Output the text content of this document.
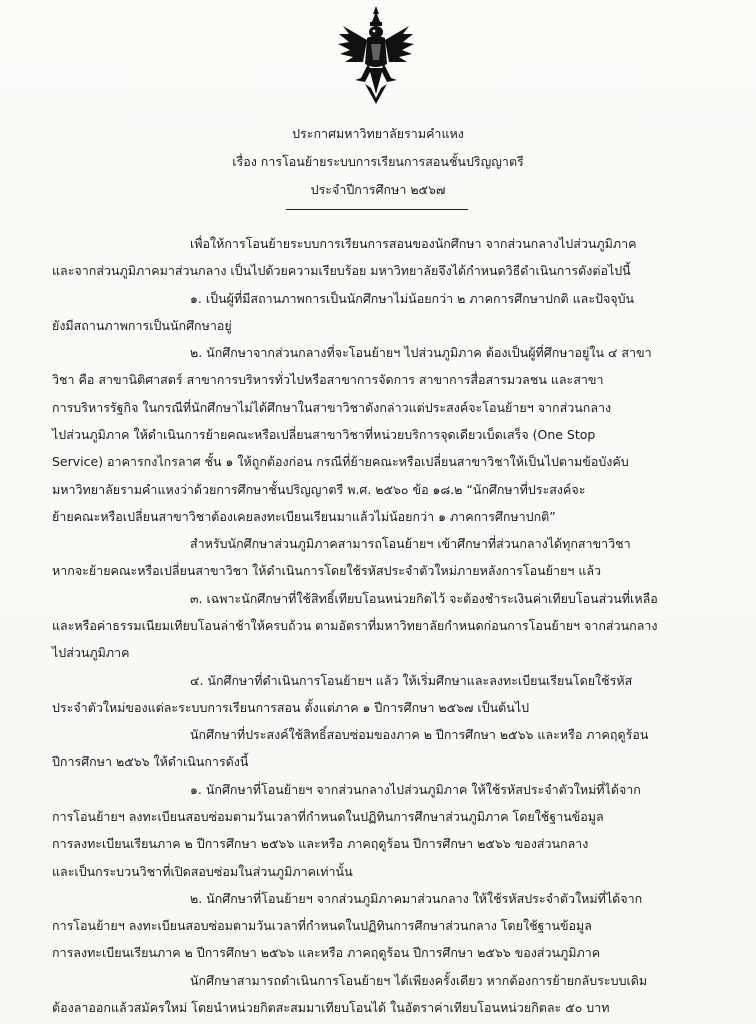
ประกาศมหาวิทยาลัยรามคำแหง
เรื่อง การโอนย้ายระบบการเรียนการสอนชั้นปริญญาตรี
ประจำปีการศึกษา ๒๕๖๗
เพื่อให้การโอนย้ายระบบการเรียนการสอนของนักศึกษา จากส่วนกลางไปส่วนภูมิภาค
และจากส่วนภูมิภาคมาส่วนกลาง เป็นไปด้วยความเรียบร้อย มหาวิทยาลัยจึงได้กำหนดวิธีดำเนินการดังต่อไปนี้
๑. เป็นผู้ที่มีสถานภาพการเป็นนักศึกษาไม่น้อยกว่า ๒ ภาคการศึกษาปกติ และปัจจุบัน
ยังมีสถานภาพการเป็นนักศึกษาอยู่
๒. นักศึกษาจากส่วนกลางที่จะโอนย้ายฯ ไปส่วนภูมิภาค ต้องเป็นผู้ที่ศึกษาอยู่ใน ๔ สาขา
วิชา คือ สาขานิติศาสตร์ สาขาการบริหารทั่วไปหรือสาขาการจัดการ สาขาการสื่อสารมวลชน และสาขา
การบริหารรัฐกิจ ในกรณีที่นักศึกษาไม่ได้ศึกษาในสาขาวิชาดังกล่าวแต่ประสงค์จะโอนย้ายฯ จากส่วนกลาง
ไปส่วนภูมิภาค ให้ดำเนินการย้ายคณะหรือเปลี่ยนสาขาวิชาที่หน่วยบริการจุดเดียวเบ็ดเสร็จ (One Stop
Service) อาคารกงไกรลาศ ชั้น ๑ ให้ถูกต้องก่อน กรณีที่ย้ายคณะหรือเปลี่ยนสาขาวิชาให้เป็นไปตามข้อบังคับ
มหาวิทยาลัยรามคำแหงว่าด้วยการศึกษาชั้นปริญญาตรี พ.ศ. ๒๕๖๐ ข้อ ๑๘.๒ “นักศึกษาที่ประสงค์จะ
ย้ายคณะหรือเปลี่ยนสาขาวิชาต้องเคยลงทะเบียนเรียนมาแล้วไม่น้อยกว่า ๑ ภาคการศึกษาปกติ”
สำหรับนักศึกษาส่วนภูมิภาคสามารถโอนย้ายฯ เข้าศึกษาที่ส่วนกลางได้ทุกสาขาวิชา
หากจะย้ายคณะหรือเปลี่ยนสาขาวิชา ให้ดำเนินการโดยใช้รหัสประจำตัวใหม่ภายหลังการโอนย้ายฯ แล้ว
๓. เฉพาะนักศึกษาที่ใช้สิทธิ์เทียบโอนหน่วยกิตไว้ จะต้องชำระเงินค่าเทียบโอนส่วนที่เหลือ
และหรือค่าธรรมเนียมเทียบโอนล่าช้าให้ครบถ้วน ตามอัตราที่มหาวิทยาลัยกำหนดก่อนการโอนย้ายฯ จากส่วนกลาง
ไปส่วนภูมิภาค
๔. นักศึกษาที่ดำเนินการโอนย้ายฯ แล้ว ให้เริ่มศึกษาและลงทะเบียนเรียนโดยใช้รหัส
ประจำตัวใหม่ของแต่ละระบบการเรียนการสอน ตั้งแต่ภาค ๑ ปีการศึกษา ๒๕๖๗ เป็นต้นไป
นักศึกษาที่ประสงค์ใช้สิทธิ์สอบซ่อมของภาค ๒ ปีการศึกษา ๒๕๖๖ และหรือ ภาคฤดูร้อน
ปีการศึกษา ๒๕๖๖ ให้ดำเนินการดังนี้
๑. นักศึกษาที่โอนย้ายฯ จากส่วนกลางไปส่วนภูมิภาค ให้ใช้รหัสประจำตัวใหม่ที่ได้จาก
การโอนย้ายฯ ลงทะเบียนสอบซ่อมตามวันเวลาที่กำหนดในปฏิทินการศึกษาส่วนภูมิภาค โดยใช้ฐานข้อมูล
การลงทะเบียนเรียนภาค ๒ ปีการศึกษา ๒๕๖๖ และหรือ ภาคฤดูร้อน ปีการศึกษา ๒๕๖๖ ของส่วนกลาง
และเป็นกระบวนวิชาที่เปิดสอบซ่อมในส่วนภูมิภาคเท่านั้น
๒. นักศึกษาที่โอนย้ายฯ จากส่วนภูมิภาคมาส่วนกลาง ให้ใช้รหัสประจำตัวใหม่ที่ได้จาก
การโอนย้ายฯ ลงทะเบียนสอบซ่อมตามวันเวลาที่กำหนดในปฏิทินการศึกษาส่วนกลาง โดยใช้ฐานข้อมูล
การลงทะเบียนเรียนภาค ๒ ปีการศึกษา ๒๕๖๖ และหรือ ภาคฤดูร้อน ปีการศึกษา ๒๕๖๖ ของส่วนภูมิภาค
นักศึกษาสามารถดำเนินการโอนย้ายฯ ได้เพียงครั้งเดียว หากต้องการย้ายกลับระบบเดิม
ต้องลาออกแล้วสมัครใหม่ โดยนำหน่วยกิตสะสมมาเทียบโอนได้ ในอัตราค่าเทียบโอนหน่วยกิตละ ๕๐ บาท
